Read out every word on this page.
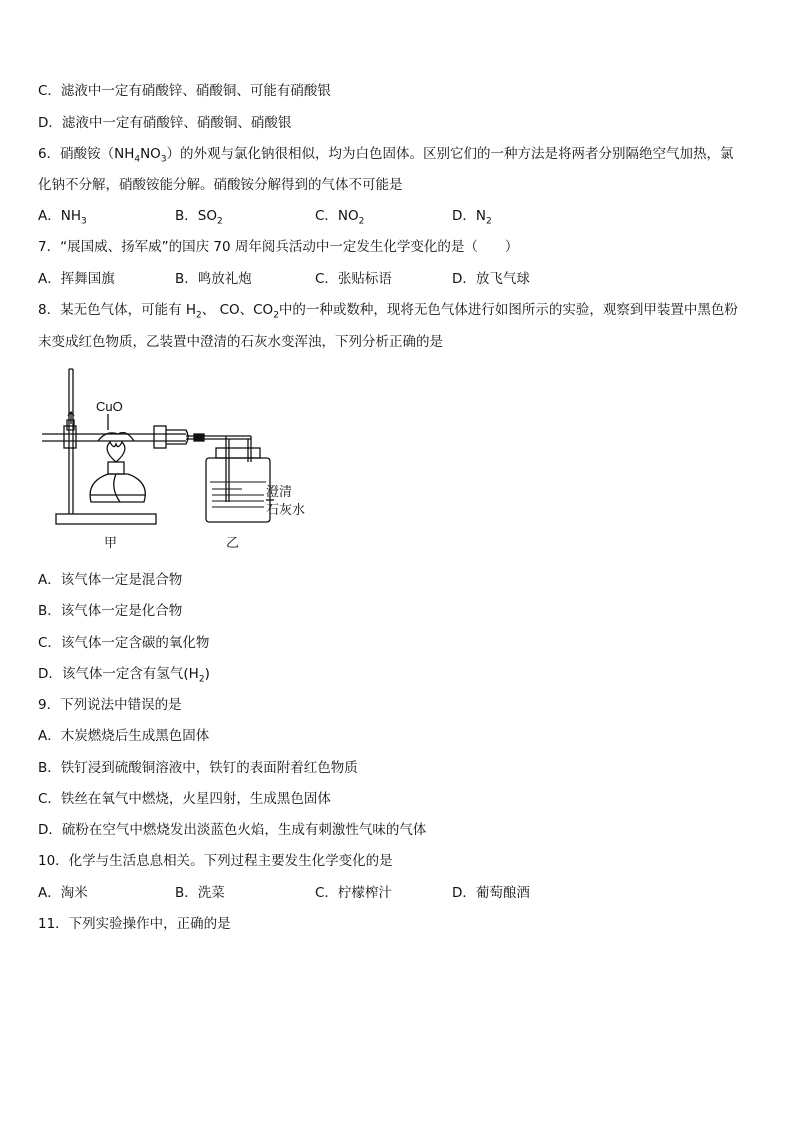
C．滤液中一定有硝酸锌、硝酸铜、可能有硝酸银
D．滤液中一定有硝酸锌、硝酸铜、硝酸银
6．硝酸铵$(NH_4NO_3)$的外观与氯化钠很相似，均为白色固体。区别它们的一种方法是将两者分别隔绝空气加热，氯
化钠不分解，硝酸铵能分解。硝酸铵分解得到的气体不可能是
A．$NH_3$	B．$SO_2$	C．$NO_2$	D．$N_2$
7．“展国威、扬军威”的国庆 70 周年阅兵活动中一定发生化学变化的是（　　）
A．挥舞国旗	B．鸣放礼炮	C．张贴标语	D．放飞气球
8．某无色气体，可能有 $H_2$、 CO、$CO_2$中的一种或数种，现将无色气体进行如图所示的实验，观察到甲装置中黑色粉
末变成红色物质，乙装置中澄清的石灰水变浑浊，下列分析正确的是
CuO
澄清
石灰水
甲	乙
A．该气体一定是混合物
B．该气体一定是化合物
C．该气体一定含碳的氧化物
D．该气体一定含有氢气$(H_2)$
9．下列说法中错误的是
A．木炭燃烧后生成黑色固体
B．铁钉浸到硫酸铜溶液中，铁钉的表面附着红色物质
C．铁丝在氧气中燃烧，火星四射，生成黑色固体
D．硫粉在空气中燃烧发出淡蓝色火焰，生成有刺激性气味的气体
10．化学与生活息息相关。下列过程主要发生化学变化的是
A．淘米	B．洗菜	C．柠檬榨汁	D．葡萄酿酒
11．下列实验操作中，正确的是
